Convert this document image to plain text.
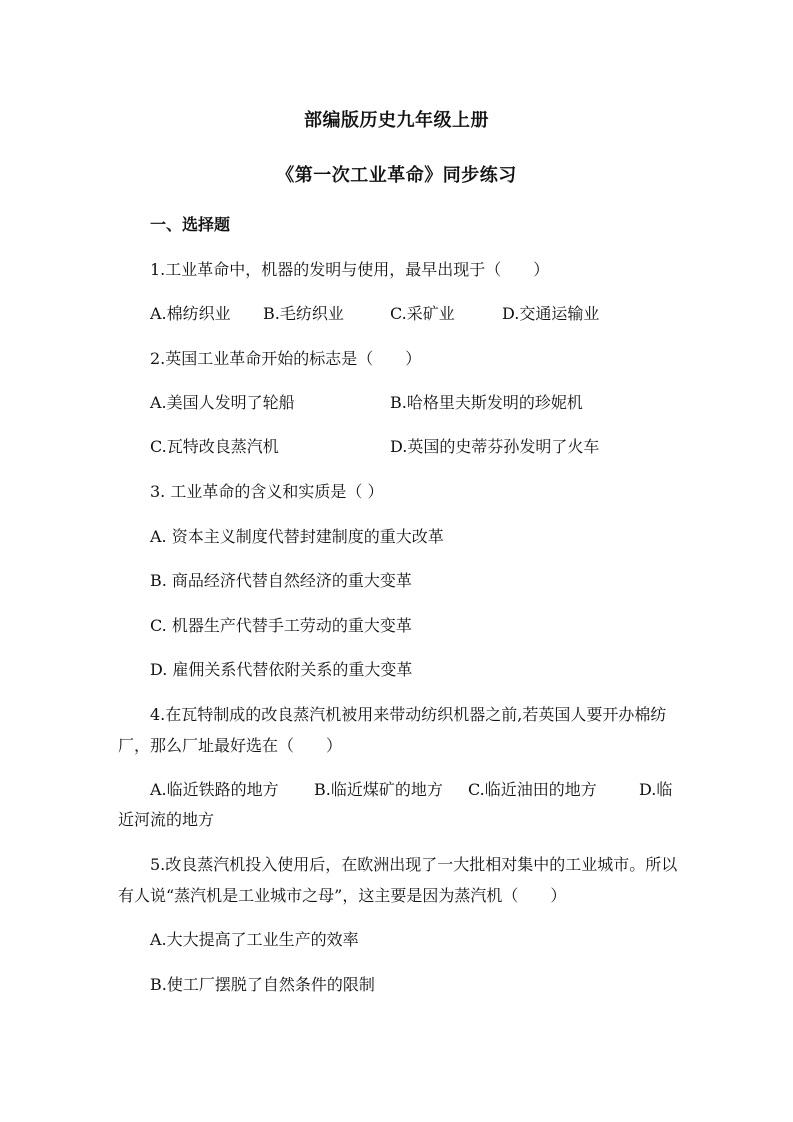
部编版历史九年级上册
《第一次工业革命》同步练习
一、选择题
1.工业革命中，机器的发明与使用，最早出现于（　　）
A.棉纺织业 B.毛纺织业	C.采矿业	D.交通运输业
2.英国工业革命开始的标志是（　　）
A.美国人发明了轮船	B.哈格里夫斯发明的珍妮机
C.瓦特改良蒸汽机	D.英国的史蒂芬孙发明了火车
3. 工业革命的含义和实质是（ ）
A. 资本主义制度代替封建制度的重大改革
B. 商品经济代替自然经济的重大变革
C. 机器生产代替手工劳动的重大变革
D. 雇佣关系代替依附关系的重大变革
4.在瓦特制成的改良蒸汽机被用来带动纺织机器之前,若英国人要开办棉纺
厂，那么厂址最好选在（　　）
A.临近铁路的地方 B.临近煤矿的地方 C.临近油田的地方	D.临
近河流的地方
5.改良蒸汽机投入使用后，在欧洲出现了一大批相对集中的工业城市。所以
有人说“蒸汽机是工业城市之母”，这主要是因为蒸汽机（　　）
A.大大提高了工业生产的效率
B.使工厂摆脱了自然条件的限制
